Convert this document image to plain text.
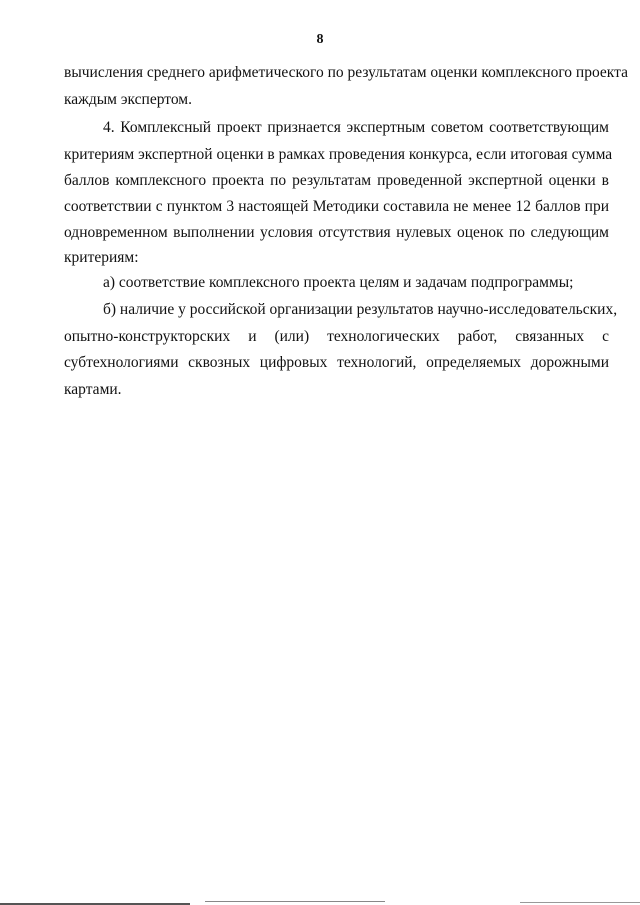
8
вычисления среднего арифметического по результатам оценки комплексного проекта
каждым экспертом.
4. Комплексный проект признается экспертным советом соответствующим
критериям экспертной оценки в рамках проведения конкурса, если итоговая сумма
баллов комплексного проекта по результатам проведенной экспертной оценки в
соответствии с пунктом 3 настоящей Методики составила не менее 12 баллов при
одновременном выполнении условия отсутствия нулевых оценок по следующим
критериям:
а) соответствие комплексного проекта целям и задачам подпрограммы;
б) наличие у российской организации результатов научно-исследовательских,
опытно-конструкторских и (или) технологических работ, связанных с
субтехнологиями сквозных цифровых технологий, определяемых дорожными
картами.
